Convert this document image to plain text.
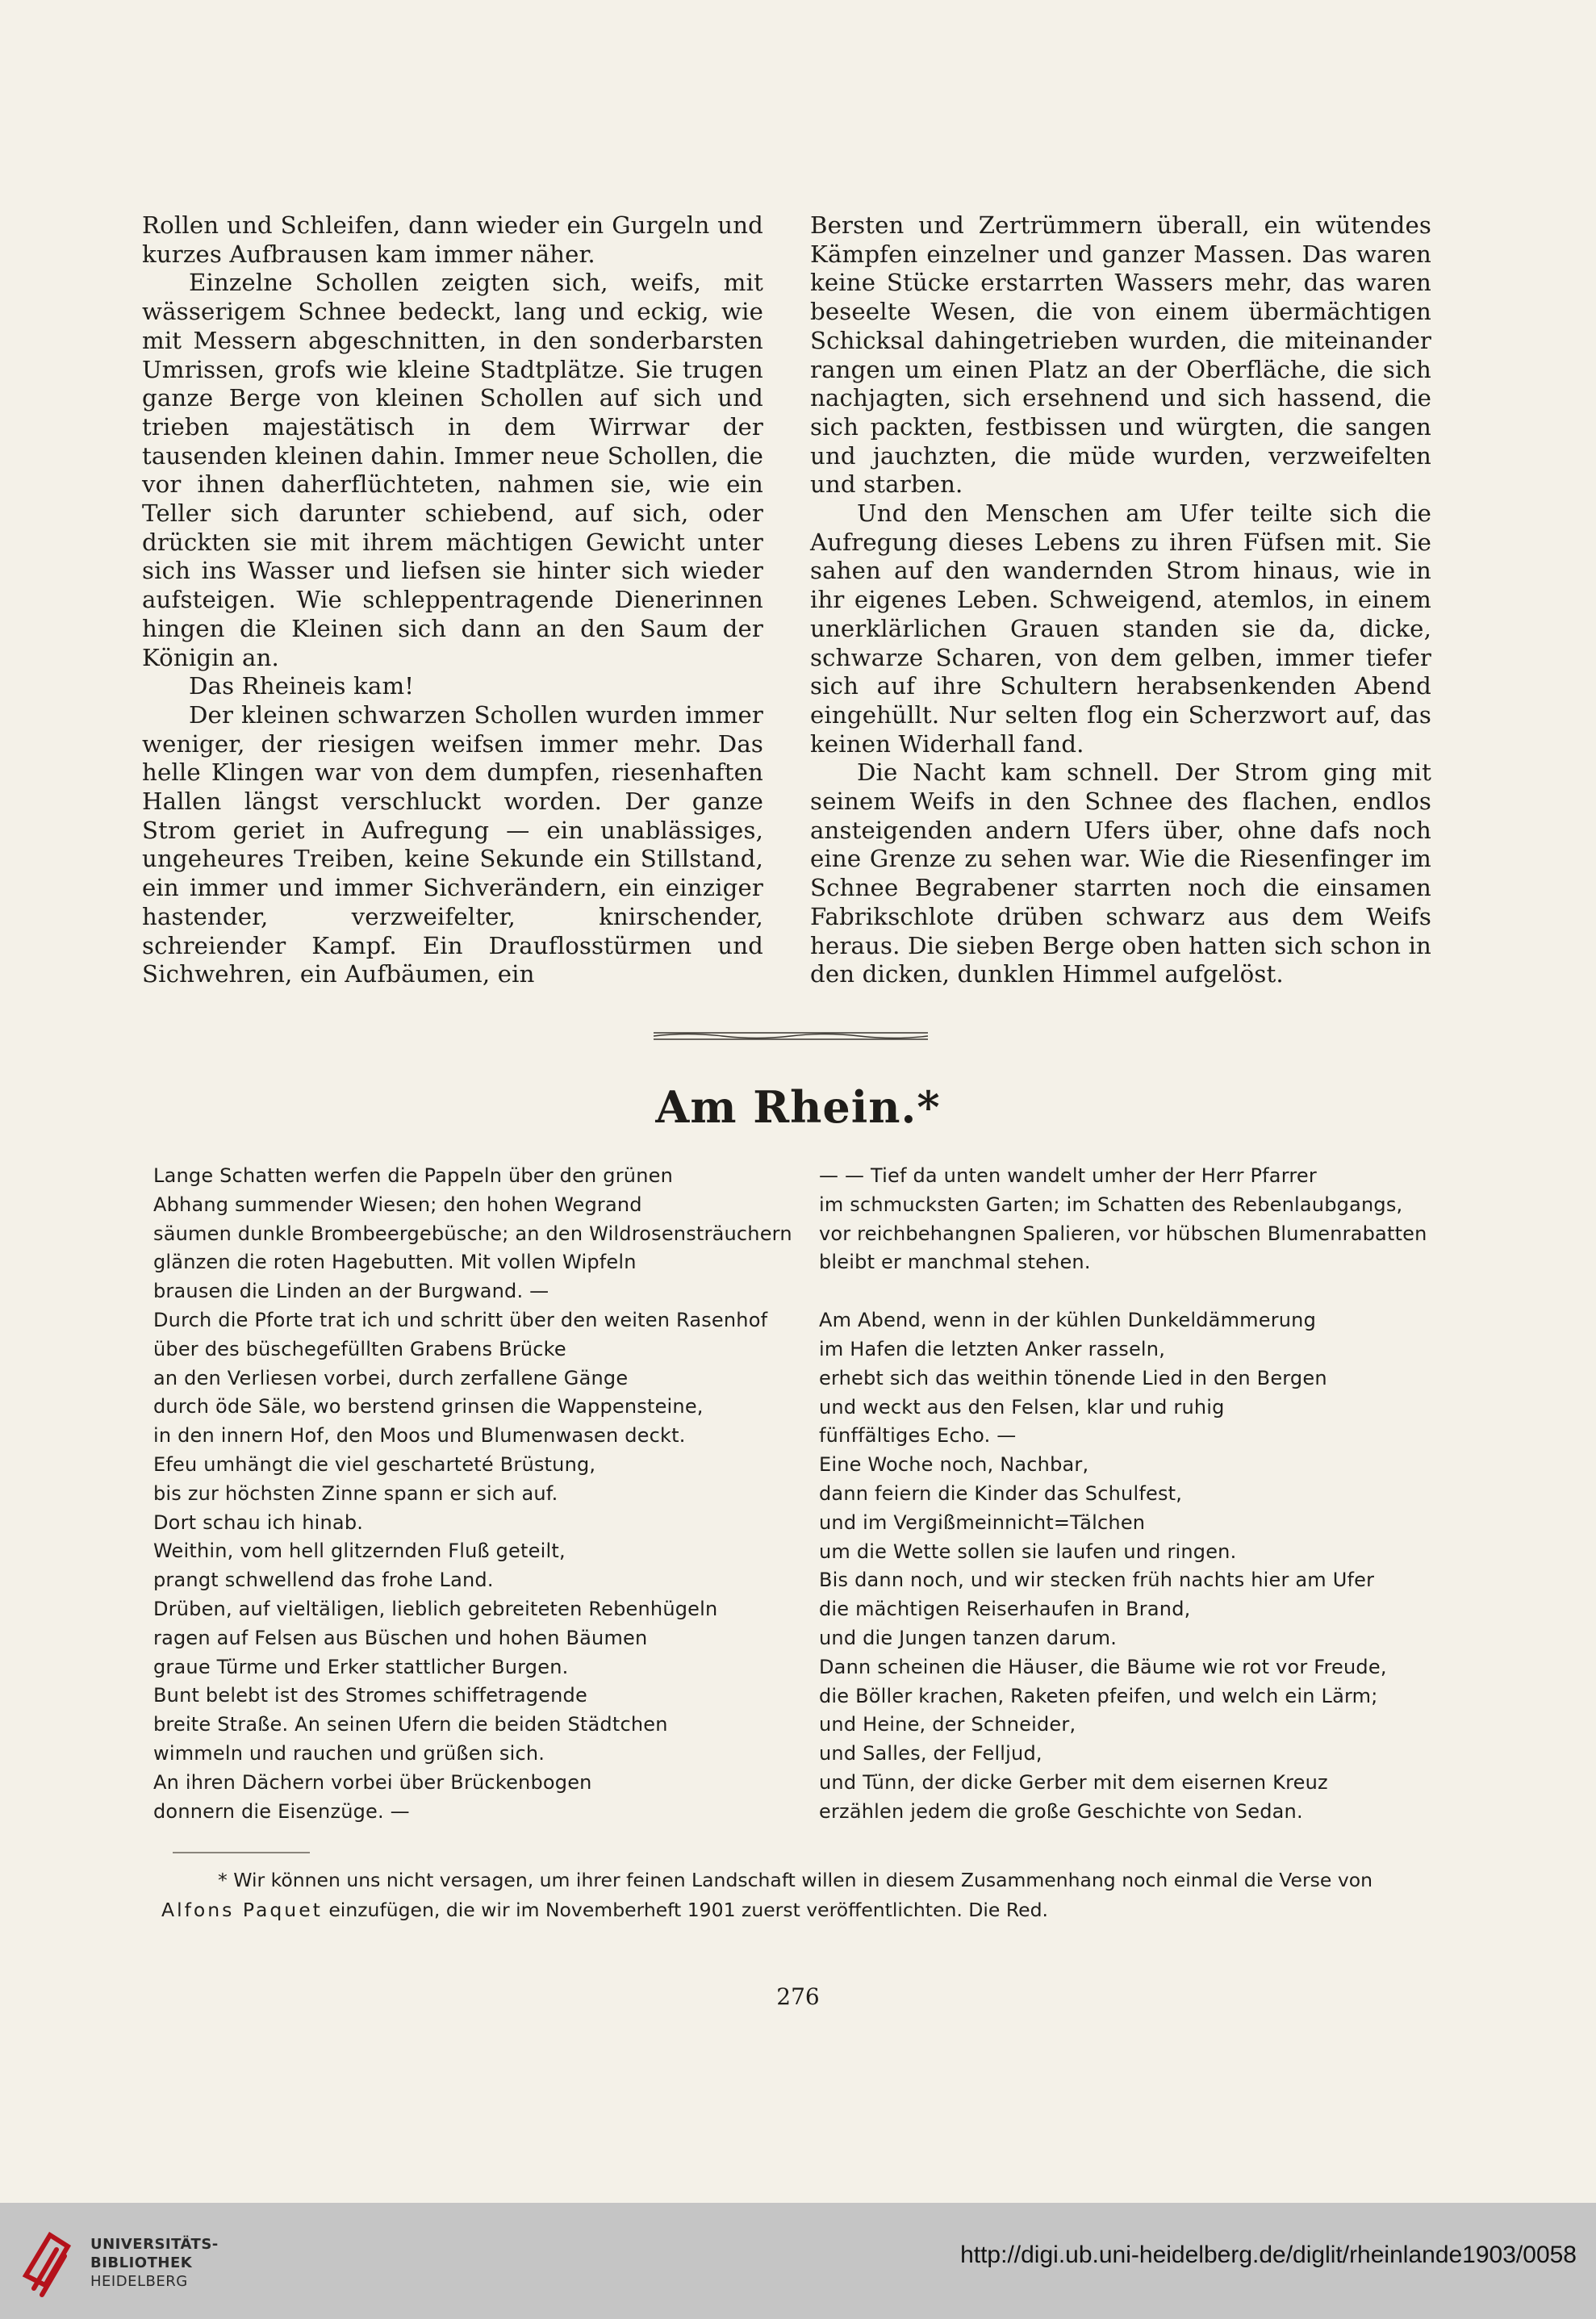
Rollen und Schleifen, dann wieder ein Gurgeln und kurzes Aufbrausen kam immer näher.

Einzelne Schollen zeigten sich, weifs, mit wässerigem Schnee bedeckt, lang und eckig, wie mit Messern abgeschnitten, in den sonderbarsten Umrissen, grofs wie kleine Stadtplätze. Sie trugen ganze Berge von kleinen Schollen auf sich und trieben majestätisch in dem Wirrwar der tausenden kleinen dahin. Immer neue Schollen, die vor ihnen daherflüchteten, nahmen sie, wie ein Teller sich darunter schiebend, auf sich, oder drückten sie mit ihrem mächtigen Gewicht unter sich ins Wasser und liefsen sie hinter sich wieder aufsteigen. Wie schleppentragende Dienerinnen hingen die Kleinen sich dann an den Saum der Königin an.

Das Rheineis kam!

Der kleinen schwarzen Schollen wurden immer weniger, der riesigen weifsen immer mehr. Das helle Klingen war von dem dumpfen, riesenhaften Hallen längst verschluckt worden. Der ganze Strom geriet in Aufregung — ein unablässiges, ungeheures Treiben, keine Sekunde ein Stillstand, ein immer und immer Sichverändern, ein einziger hastender, verzweifelter, knirschender, schreiender Kampf. Ein Drauflosstürmen und Sichwehren, ein Aufbäumen, ein

Bersten und Zertrümmern überall, ein wütendes Kämpfen einzelner und ganzer Massen. Das waren keine Stücke erstarrten Wassers mehr, das waren beseelte Wesen, die von einem übermächtigen Schicksal dahingetrieben wurden, die miteinander rangen um einen Platz an der Oberfläche, die sich nachjagten, sich ersehnend und sich hassend, die sich packten, festbissen und würgten, die sangen und jauchzten, die müde wurden, verzweifelten und starben.

Und den Menschen am Ufer teilte sich die Aufregung dieses Lebens zu ihren Füfsen mit. Sie sahen auf den wandernden Strom hinaus, wie in ihr eigenes Leben. Schweigend, atemlos, in einem unerklärlichen Grauen standen sie da, dicke, schwarze Scharen, von dem gelben, immer tiefer sich auf ihre Schultern herabsenkenden Abend eingehüllt. Nur selten flog ein Scherzwort auf, das keinen Widerhall fand.

Die Nacht kam schnell. Der Strom ging mit seinem Weifs in den Schnee des flachen, endlos ansteigenden andern Ufers über, ohne dafs noch eine Grenze zu sehen war. Wie die Riesenfinger im Schnee Begrabener starrten noch die einsamen Fabrikschlote drüben schwarz aus dem Weifs heraus. Die sieben Berge oben hatten sich schon in den dicken, dunklen Himmel aufgelöst.

Am Rhein.*
Lange Schatten werfen die Pappeln über den grünen
Abhang summender Wiesen; den hohen Wegrand
säumen dunkle Brombeergebüsche; an den Wildrosensträuchern
glänzen die roten Hagebutten. Mit vollen Wipfeln
brausen die Linden an der Burgwand. —
Durch die Pforte trat ich und schritt über den weiten Rasenhof
über des büschegefüllten Grabens Brücke
an den Verliesen vorbei, durch zerfallene Gänge
durch öde Säle, wo berstend grinsen die Wappensteine,
in den innern Hof, den Moos und Blumenwasen deckt.
Efeu umhängt die viel gescharteté Brüstung,
bis zur höchsten Zinne spann er sich auf.
Dort schau ich hinab.
Weithin, vom hell glitzernden Fluß geteilt,
prangt schwellend das frohe Land.
Drüben, auf vieltäligen, lieblich gebreiteten Rebenhügeln
ragen auf Felsen aus Büschen und hohen Bäumen
graue Türme und Erker stattlicher Burgen.
Bunt belebt ist des Stromes schiffetragende
breite Straße. An seinen Ufern die beiden Städtchen
wimmeln und rauchen und grüßen sich.
An ihren Dächern vorbei über Brückenbogen
donnern die Eisenzüge. —
— — Tief da unten wandelt umher der Herr Pfarrer
im schmucksten Garten; im Schatten des Rebenlaubgangs,
vor reichbehangnen Spalieren, vor hübschen Blumenrabatten
bleibt er manchmal stehen.
Am Abend, wenn in der kühlen Dunkeldämmerung
im Hafen die letzten Anker rasseln,
erhebt sich das weithin tönende Lied in den Bergen
und weckt aus den Felsen, klar und ruhig
fünffältiges Echo. —
Eine Woche noch, Nachbar,
dann feiern die Kinder das Schulfest,
und im Vergißmeinnicht=Tälchen
um die Wette sollen sie laufen und ringen.
Bis dann noch, und wir stecken früh nachts hier am Ufer
die mächtigen Reiserhaufen in Brand,
und die Jungen tanzen darum.
Dann scheinen die Häuser, die Bäume wie rot vor Freude,
die Böller krachen, Raketen pfeifen, und welch ein Lärm;
und Heine, der Schneider,
und Salles, der Felljud,
und Tünn, der dicke Gerber mit dem eisernen Kreuz
erzählen jedem die große Geschichte von Sedan.
* Wir können uns nicht versagen, um ihrer feinen Landschaft willen in diesem Zusammenhang noch einmal die Verse von
Alfons Paquet einzufügen, die wir im Novemberheft 1901 zuerst veröffentlichten. Die Red.
276
UNIVERSITÄTS-
BIBLIOTHEK
HEIDELBERG
http://digi.ub.uni-heidelberg.de/diglit/rheinlande1903/0058
